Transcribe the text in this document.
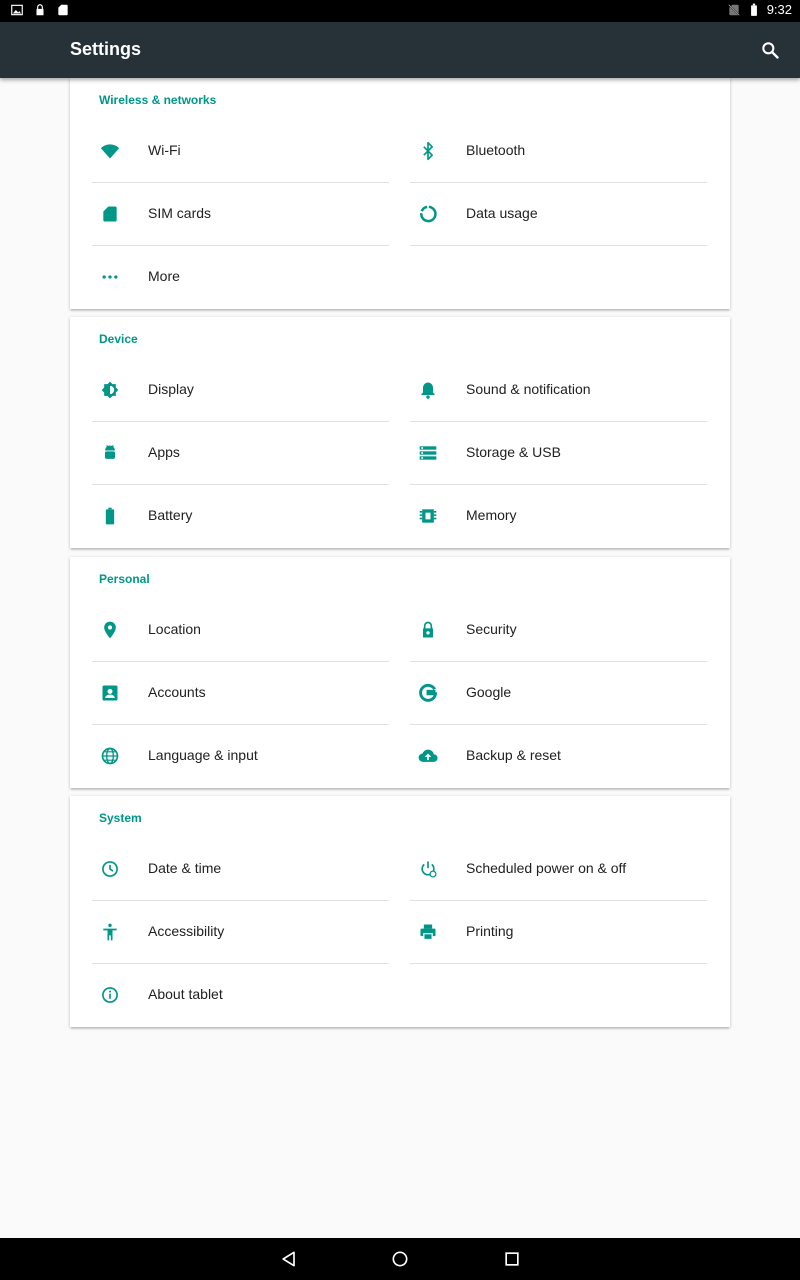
9:32
Settings
Wireless & networks
Wi-Fi	Bluetooth
SIM cards	Data usage
More
Device
Display	Sound & notification
Apps	Storage & USB
Battery	Memory
Personal
Location	Security
Accounts	Google
Language & input	Backup & reset
System
Date & time	Scheduled power on & off
Accessibility	Printing
About tablet
